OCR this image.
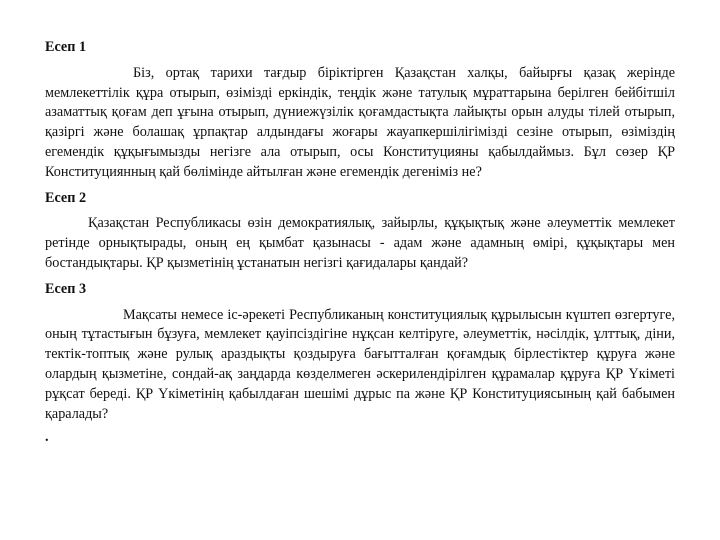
Есеп 1

Біз, ортақ тарихи тағдыр біріктірген Қазақстан халқы, байырғы қазақ жерінде мемлекеттілік құра отырып, өзімізді еркіндік, теңдік және татулық мұраттарына берілген бейбітшіл азаматтық қоғам деп ұғына отырып, дүниежүзілік қоғамдастықта лайықты орын алуды тілей отырып, қазіргі және болашақ ұрпақтар алдындағы жоғары жауапкершілігімізді сезіне отырып, өзіміздің егемендік құқығымызды негізге ала отырып, осы Конституцияны қабылдаймыз. Бұл сөзер ҚР Конституциянның қай бөлімінде айтылған және егемендік дегеніміз не?

Есеп 2

Қазақстан Республикасы өзін демократиялық, зайырлы, құқықтық және әлеуметтік мемлекет ретінде орнықтырады, оның ең қымбат қазынасы - адам және адамның өмірі, құқықтары мен бостандықтары. ҚР қызметінің ұстанатын негізгі қағидалары қандай?

Есеп 3

Мақсаты немесе іс-әрекеті Республиканың конституциялық құрылысын күштеп өзгертуге, оның тұтастығын бұзуға, мемлекет қауіпсіздігіне нұқсан келтіруге, әлеуметтік, нәсілдік, ұлттық, діни, тектік-топтық және рулық араздықты қоздыруға бағытталған қоғамдық бірлестіктер құруға және олардың қызметіне, сондай-ақ заңдарда көзделмеген әскерилендірілген құрамалар құруға ҚР Үкіметі рұқсат береді. ҚР Үкіметінің қабылдаған шешімі дұрыс па және ҚР Конституциясының қай бабымен қаралады?

.
